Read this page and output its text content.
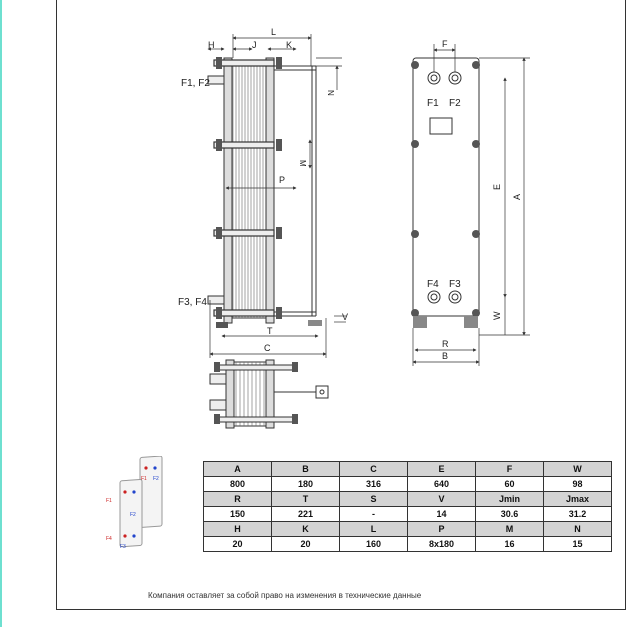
H	J	K
L
N
M
P
T
C
V
F1, F2
F3, F4
F
F1 F2
F4 F3
E
A
W
R
B
F1 F2
F1
F2
F4
F3
A	B	C	E	F	W
800	180	316	640	60	98
R	T	S	V	Jmin	Jmax
150	221	-	14	30.6	31.2
H	K	L	P	M	N
20	20	160	8x180	16	15
Компания оставляет за собой право на изменения в технические данные
